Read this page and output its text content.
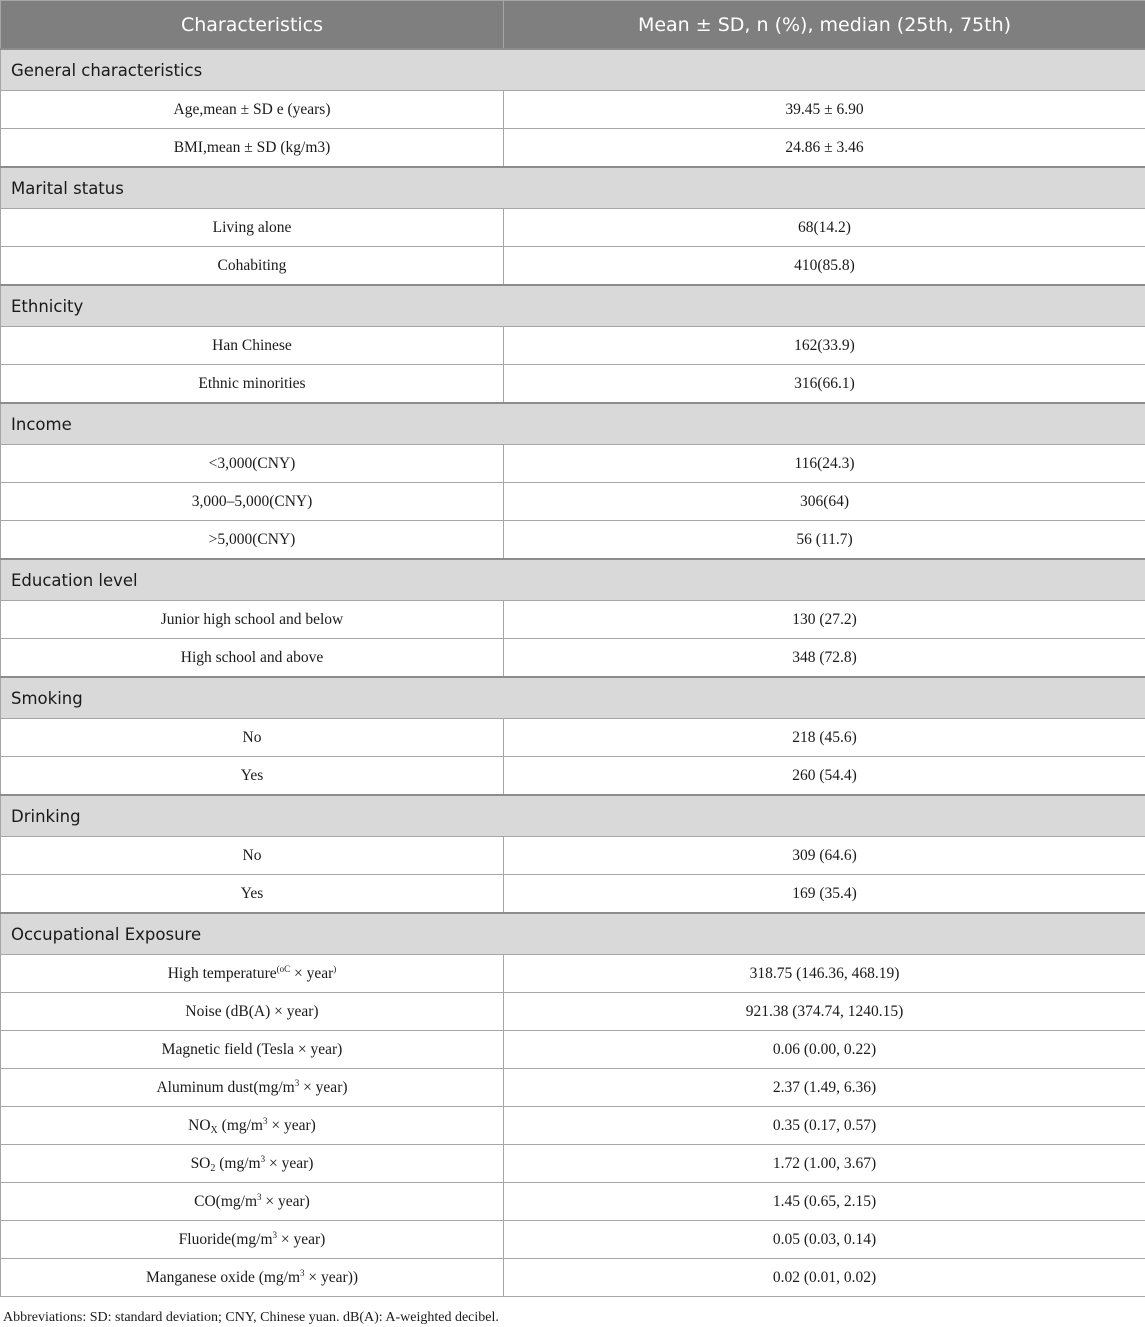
Characteristics	Mean ± SD, n (%), median (25th, 75th)
General characteristics	
Age,mean ± SD e (years)	39.45 ± 6.90
BMI,mean ± SD (kg/m3)	24.86 ± 3.46
Marital status	
Living alone	68(14.2)
Cohabiting	410(85.8)
Ethnicity	
Han Chinese	162(33.9)
Ethnic minorities	316(66.1)
Income	
<3,000(CNY)	116(24.3)
3,000–5,000(CNY)	306(64)
>5,000(CNY)	56 (11.7)
Education level	
Junior high school and below	130 (27.2)
High school and above	348 (72.8)
Smoking	
No	218 (45.6)
Yes	260 (54.4)
Drinking	
No	309 (64.6)
Yes	169 (35.4)
Occupational Exposure	
High temperature$^{(oC}$ × year)	318.75 (146.36, 468.19)
Noise (dB(A) × year)	921.38 (374.74, 1240.15)
Magnetic field (Tesla × year)	0.06 (0.00, 0.22)
Aluminum $dust(mg/m^3$ × year)	2.37 (1.49, 6.36)
$NO_X$ ($mg/m^3$ × year)	0.35 (0.17, 0.57)
$SO_2$ ($mg/m^3$ × year)	1.72 (1.00, 3.67)
$CO(mg/m^3$ × year)	1.45 (0.65, 2.15)
$Fluoride(mg/m^3$ × year)	0.05 (0.03, 0.14)
Manganese oxide ($mg/m^3$ × year))	0.02 (0.01, 0.02)
Abbreviations: SD: standard deviation; CNY, Chinese yuan. dB(A): A-weighted decibel.
